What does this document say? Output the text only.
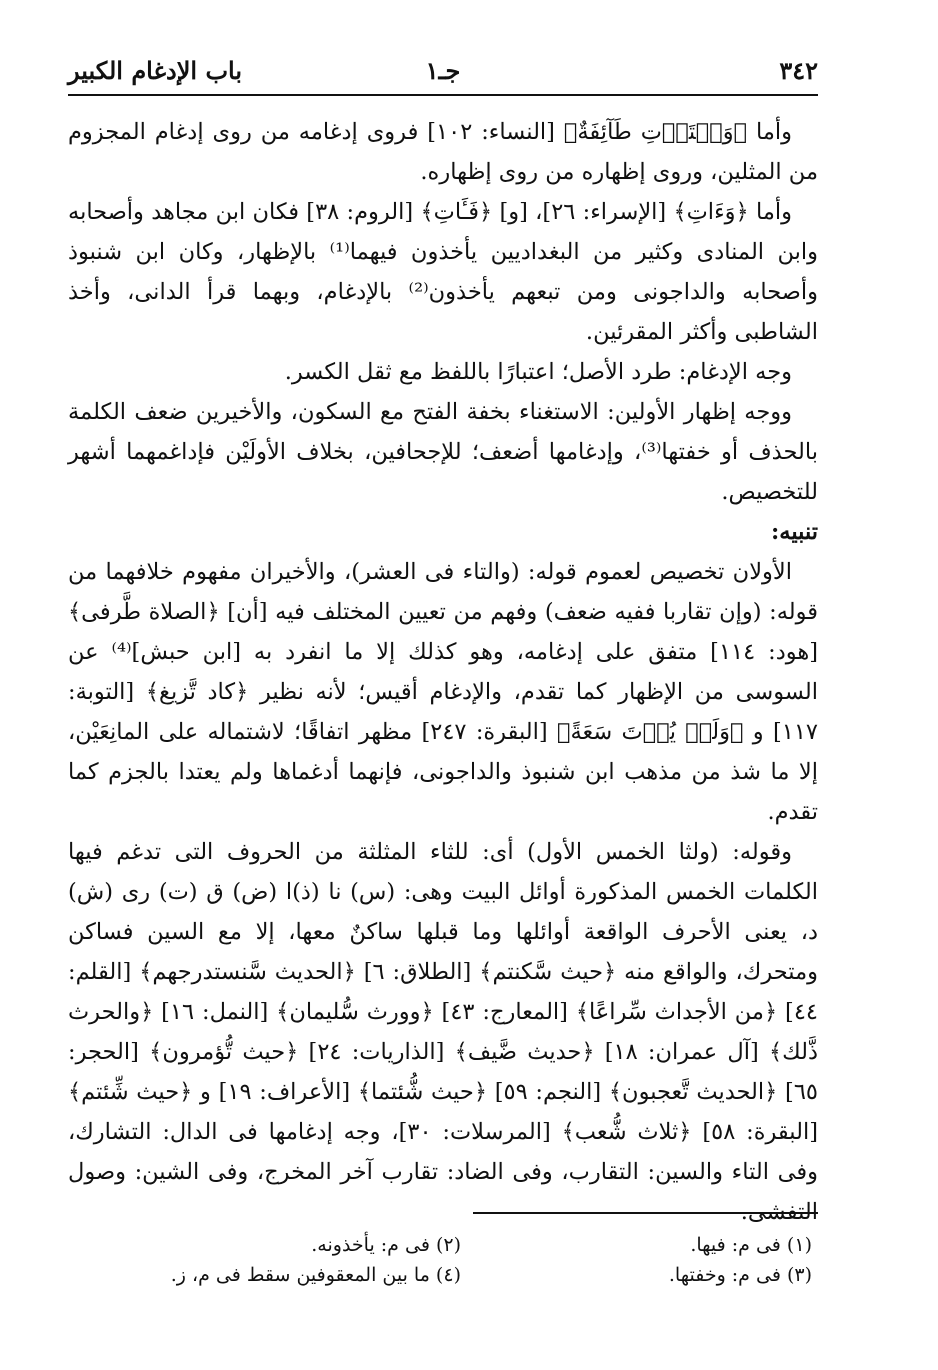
٣٤٢
جـ١
باب الإدغام الكبير

وأما ﴿وَلۡتَأۡتِ طَآئِفَةٌ﴾ [النساء: ١٠٢] فروى إدغامه من روى إدغام المجزوم من المثلين، وروى إظهاره من روى إظهاره.

وأما ﴿وَءَاتِ﴾ [الإسراء: ٢٦]، [و] ﴿فَـَٔاتِ﴾ [الروم: ٣٨] فكان ابن مجاهد وأصحابه وابن المنادى وكثير من البغداديين يأخذون فيهما⁽¹⁾ بالإظهار، وكان ابن شنبوذ وأصحابه والداجونى ومن تبعهم يأخذون⁽²⁾ بالإدغام، وبهما قرأ الدانى، وأخذ الشاطبى وأكثر المقرئين.

وجه الإدغام: طرد الأصل؛ اعتبارًا باللفظ مع ثقل الكسر.

ووجه إظهار الأولين: الاستغناء بخفة الفتح مع السكون، والأخيرين ضعف الكلمة بالحذف أو خفتها⁽³⁾، وإدغامها أضعف؛ للإجحافين، بخلاف الأولَيْن فإداغمهما أشهر للتخصيص.

تنبيه:

الأولان تخصيص لعموم قوله: (والتاء فى العشر)، والأخيران مفهوم خلافهما من قوله: (وإن تقاربا ففيه ضعف) وفهم من تعيين المختلف فيه [أن] ﴿الصلاة طَّرفى﴾ [هود: ١١٤] متفق على إدغامه، وهو كذلك إلا ما انفرد به [ابن حبش]⁽⁴⁾ عن السوسى من الإظهار كما تقدم، والإدغام أقيس؛ لأنه نظير ﴿كاد تَّزيغ﴾ [التوبة: ١١٧] و ﴿وَلَمۡ يُؤۡتَ سَعَةً﴾ [البقرة: ٢٤٧] مظهر اتفاقًا؛ لاشتماله على المانِعَيْن، إلا ما شذ من مذهب ابن شنبوذ والداجونى، فإنهما أدغماها ولم يعتدا بالجزم كما تقدم.

وقوله: (ولثا الخمس الأول) أى: للثاء المثلثة من الحروف التى تدغم فيها الكلمات الخمس المذكورة أوائل البيت وهى: (س) نا (ذ)ا (ض) ق (ت) رى (ش) د، يعنى الأحرف الواقعة أوائلها وما قبلها ساكنٌ معها، إلا مع السين فساكن ومتحرك، والواقع منه ﴿حيث سَّكنتم﴾ [الطلاق: ٦] ﴿الحديث سَّنستدرجهم﴾ [القلم: ٤٤] ﴿من الأجداث سِّراعًا﴾ [المعارج: ٤٣] ﴿وورث سُّليمان﴾ [النمل: ١٦] ﴿والحرث ذَّلك﴾ [آل عمران: ١٨] ﴿حديث ضَّيف﴾ [الذاريات: ٢٤] ﴿حيث تُّؤمرون﴾ [الحجر: ٦٥] ﴿الحديث تَّعجبون﴾ [النجم: ٥٩] ﴿حيث شُّئتما﴾ [الأعراف: ١٩] و ﴿حيث شِّئتم﴾ [البقرة: ٥٨] ﴿ثلاث شُّعب﴾ [المرسلات: ٣٠]، وجه إدغامها فى الدال: التشارك، وفى التاء والسين: التقارب، وفى الضاد: تقارب آخر المخرج، وفى الشين: وصول التفشى.

(١) فى م: فيها.
(٢) فى م: يأخذونه.
(٣) فى م: وخفتها.
(٤) ما بين المعقوفين سقط فى م، ز.
